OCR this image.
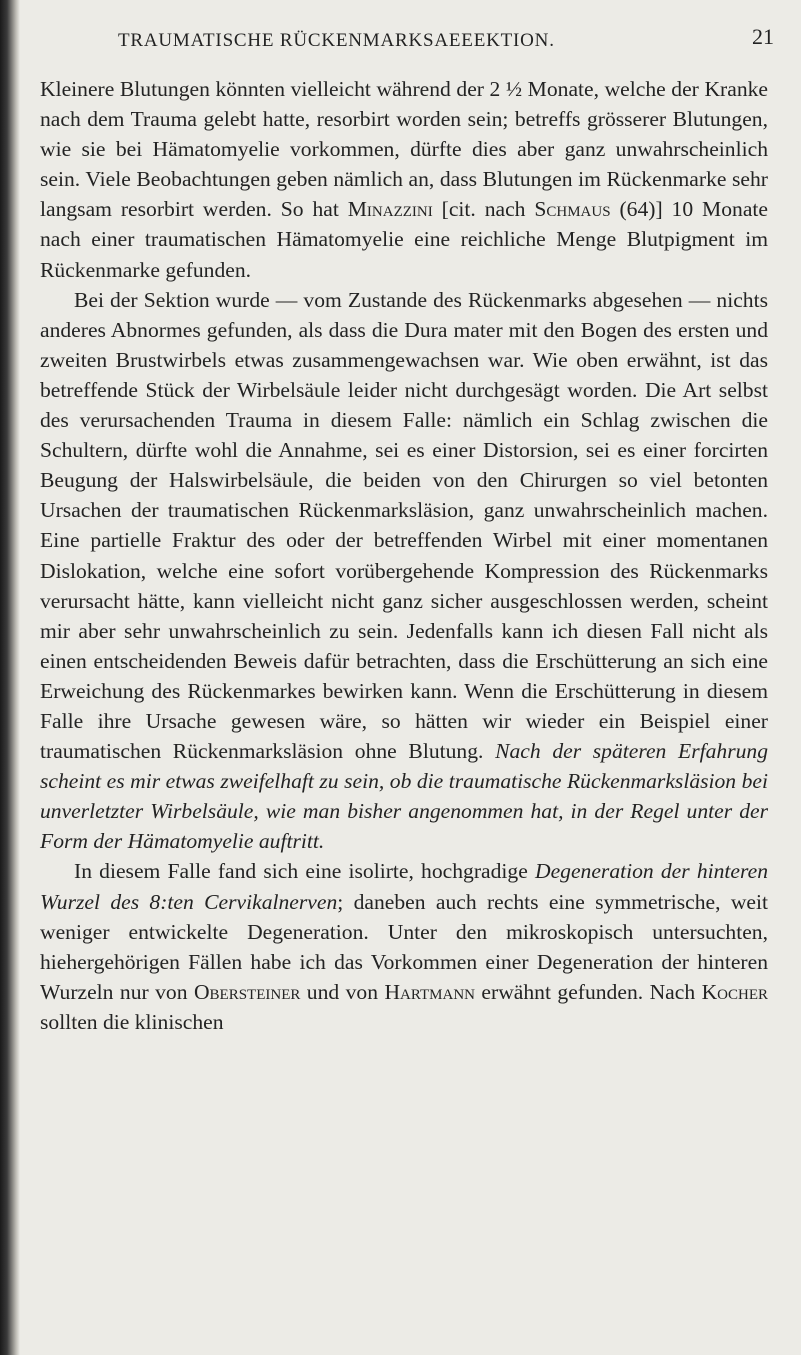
TRAUMATISCHE RÜCKENMARKSAEEEKTION.	21

Kleinere Blutungen könnten vielleicht während der 2 ½ Monate, welche der Kranke nach dem Trauma gelebt hatte, resorbirt worden sein; betreffs grösserer Blutungen, wie sie bei Hämatomyelie vorkommen, dürfte dies aber ganz unwahrscheinlich sein. Viele Beobachtungen geben nämlich an, dass Blutungen im Rückenmarke sehr langsam resorbirt werden. So hat Minazzini [cit. nach Schmaus (64)] 10 Monate nach einer traumatischen Hämatomyelie eine reichliche Menge Blutpigment im Rückenmarke gefunden.

Bei der Sektion wurde — vom Zustande des Rückenmarks abgesehen — nichts anderes Abnormes gefunden, als dass die Dura mater mit den Bogen des ersten und zweiten Brustwirbels etwas zusammengewachsen war. Wie oben erwähnt, ist das betreffende Stück der Wirbelsäule leider nicht durchgesägt worden. Die Art selbst des verursachenden Trauma in diesem Falle: nämlich ein Schlag zwischen die Schultern, dürfte wohl die Annahme, sei es einer Distorsion, sei es einer forcirten Beugung der Halswirbelsäule, die beiden von den Chirurgen so viel betonten Ursachen der traumatischen Rückenmarksläsion, ganz unwahrscheinlich machen. Eine partielle Fraktur des oder der betreffenden Wirbel mit einer momentanen Dislokation, welche eine sofort vorübergehende Kompression des Rückenmarks verursacht hätte, kann vielleicht nicht ganz sicher ausgeschlossen werden, scheint mir aber sehr unwahrscheinlich zu sein. Jedenfalls kann ich diesen Fall nicht als einen entscheidenden Beweis dafür betrachten, dass die Erschütterung an sich eine Erweichung des Rückenmarkes bewirken kann. Wenn die Erschütterung in diesem Falle ihre Ursache gewesen wäre, so hätten wir wieder ein Beispiel einer traumatischen Rückenmarksläsion ohne Blutung. Nach der späteren Erfahrung scheint es mir etwas zweifelhaft zu sein, ob die traumatische Rückenmarksläsion bei unverletzter Wirbelsäule, wie man bisher angenommen hat, in der Regel unter der Form der Hämatomyelie auftritt.

In diesem Falle fand sich eine isolirte, hochgradige Degeneration der hinteren Wurzel des 8:ten Cervikalnerven; daneben auch rechts eine symmetrische, weit weniger entwickelte Degeneration. Unter den mikroskopisch untersuchten, hiehergehörigen Fällen habe ich das Vorkommen einer Degeneration der hinteren Wurzeln nur von Obersteiner und von Hartmann erwähnt gefunden. Nach Kocher sollten die klinischen
